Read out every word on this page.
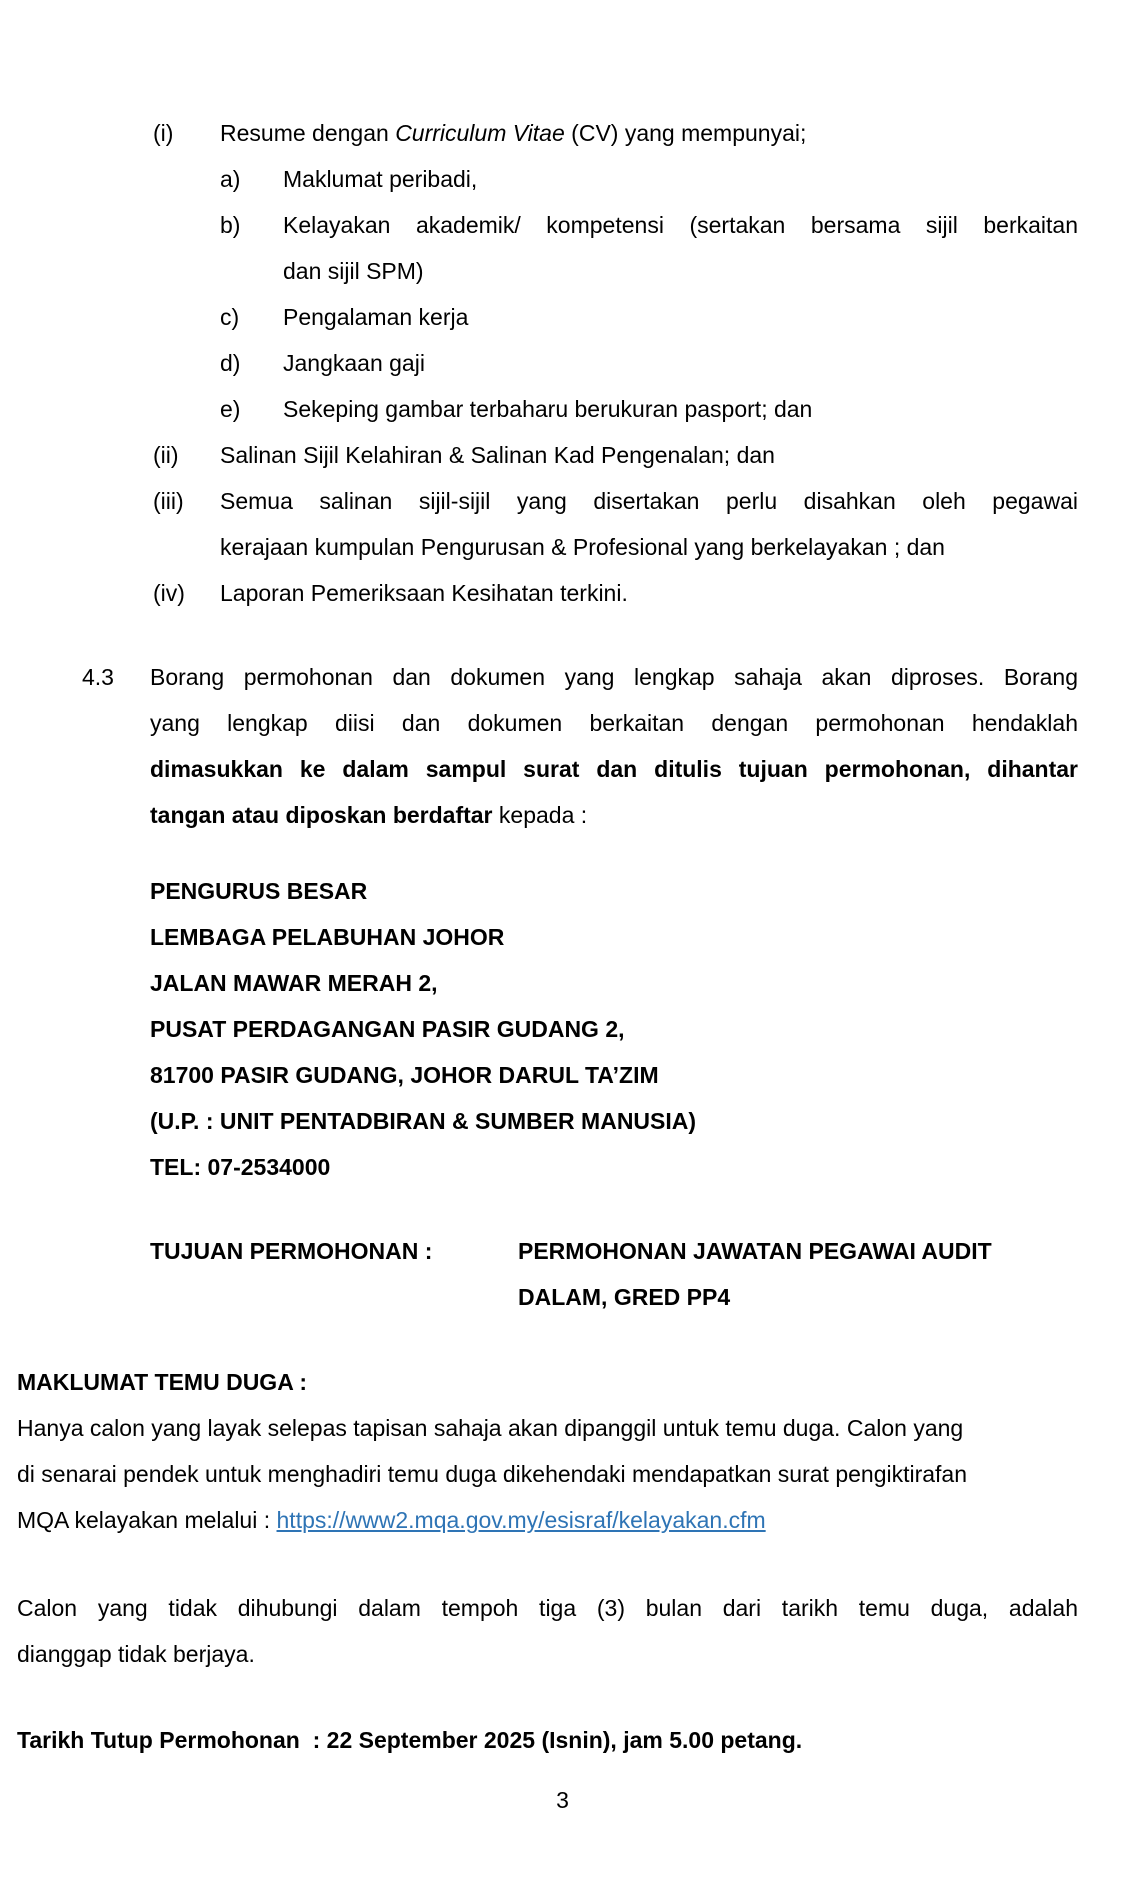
(i)	Resume dengan Curriculum Vitae (CV) yang mempunyai;
a)	Maklumat peribadi,
b)	Kelayakan akademik/ kompetensi (sertakan bersama sijil berkaitan
dan sijil SPM)
c)	Pengalaman kerja
d)	Jangkaan gaji
e)	Sekeping gambar terbaharu berukuran pasport; dan
(ii)	Salinan Sijil Kelahiran & Salinan Kad Pengenalan; dan
(iii)	Semua salinan sijil-sijil yang disertakan perlu disahkan oleh pegawai
kerajaan kumpulan Pengurusan & Profesional yang berkelayakan ; dan
(iv)	Laporan Pemeriksaan Kesihatan terkini.
4.3	Borang permohonan dan dokumen yang lengkap sahaja akan diproses. Borang
yang lengkap diisi dan dokumen berkaitan dengan permohonan hendaklah
dimasukkan ke dalam sampul surat dan ditulis tujuan permohonan, dihantar
tangan atau diposkan berdaftar kepada :
PENGURUS BESAR
LEMBAGA PELABUHAN JOHOR
JALAN MAWAR MERAH 2,
PUSAT PERDAGANGAN PASIR GUDANG 2,
81700 PASIR GUDANG, JOHOR DARUL TA’ZIM
(U.P. : UNIT PENTADBIRAN & SUMBER MANUSIA)
TEL: 07-2534000
TUJUAN PERMOHONAN :	PERMOHONAN JAWATAN PEGAWAI AUDIT
DALAM, GRED PP4
MAKLUMAT TEMU DUGA :
Hanya calon yang layak selepas tapisan sahaja akan dipanggil untuk temu duga. Calon yang
di senarai pendek untuk menghadiri temu duga dikehendaki mendapatkan surat pengiktirafan
MQA kelayakan melalui : https://www2.mqa.gov.my/esisraf/kelayakan.cfm
Calon yang tidak dihubungi dalam tempoh tiga (3) bulan dari tarikh temu duga, adalah
dianggap tidak berjaya.
Tarikh Tutup Permohonan  : 22 September 2025 (Isnin), jam 5.00 petang.
3
